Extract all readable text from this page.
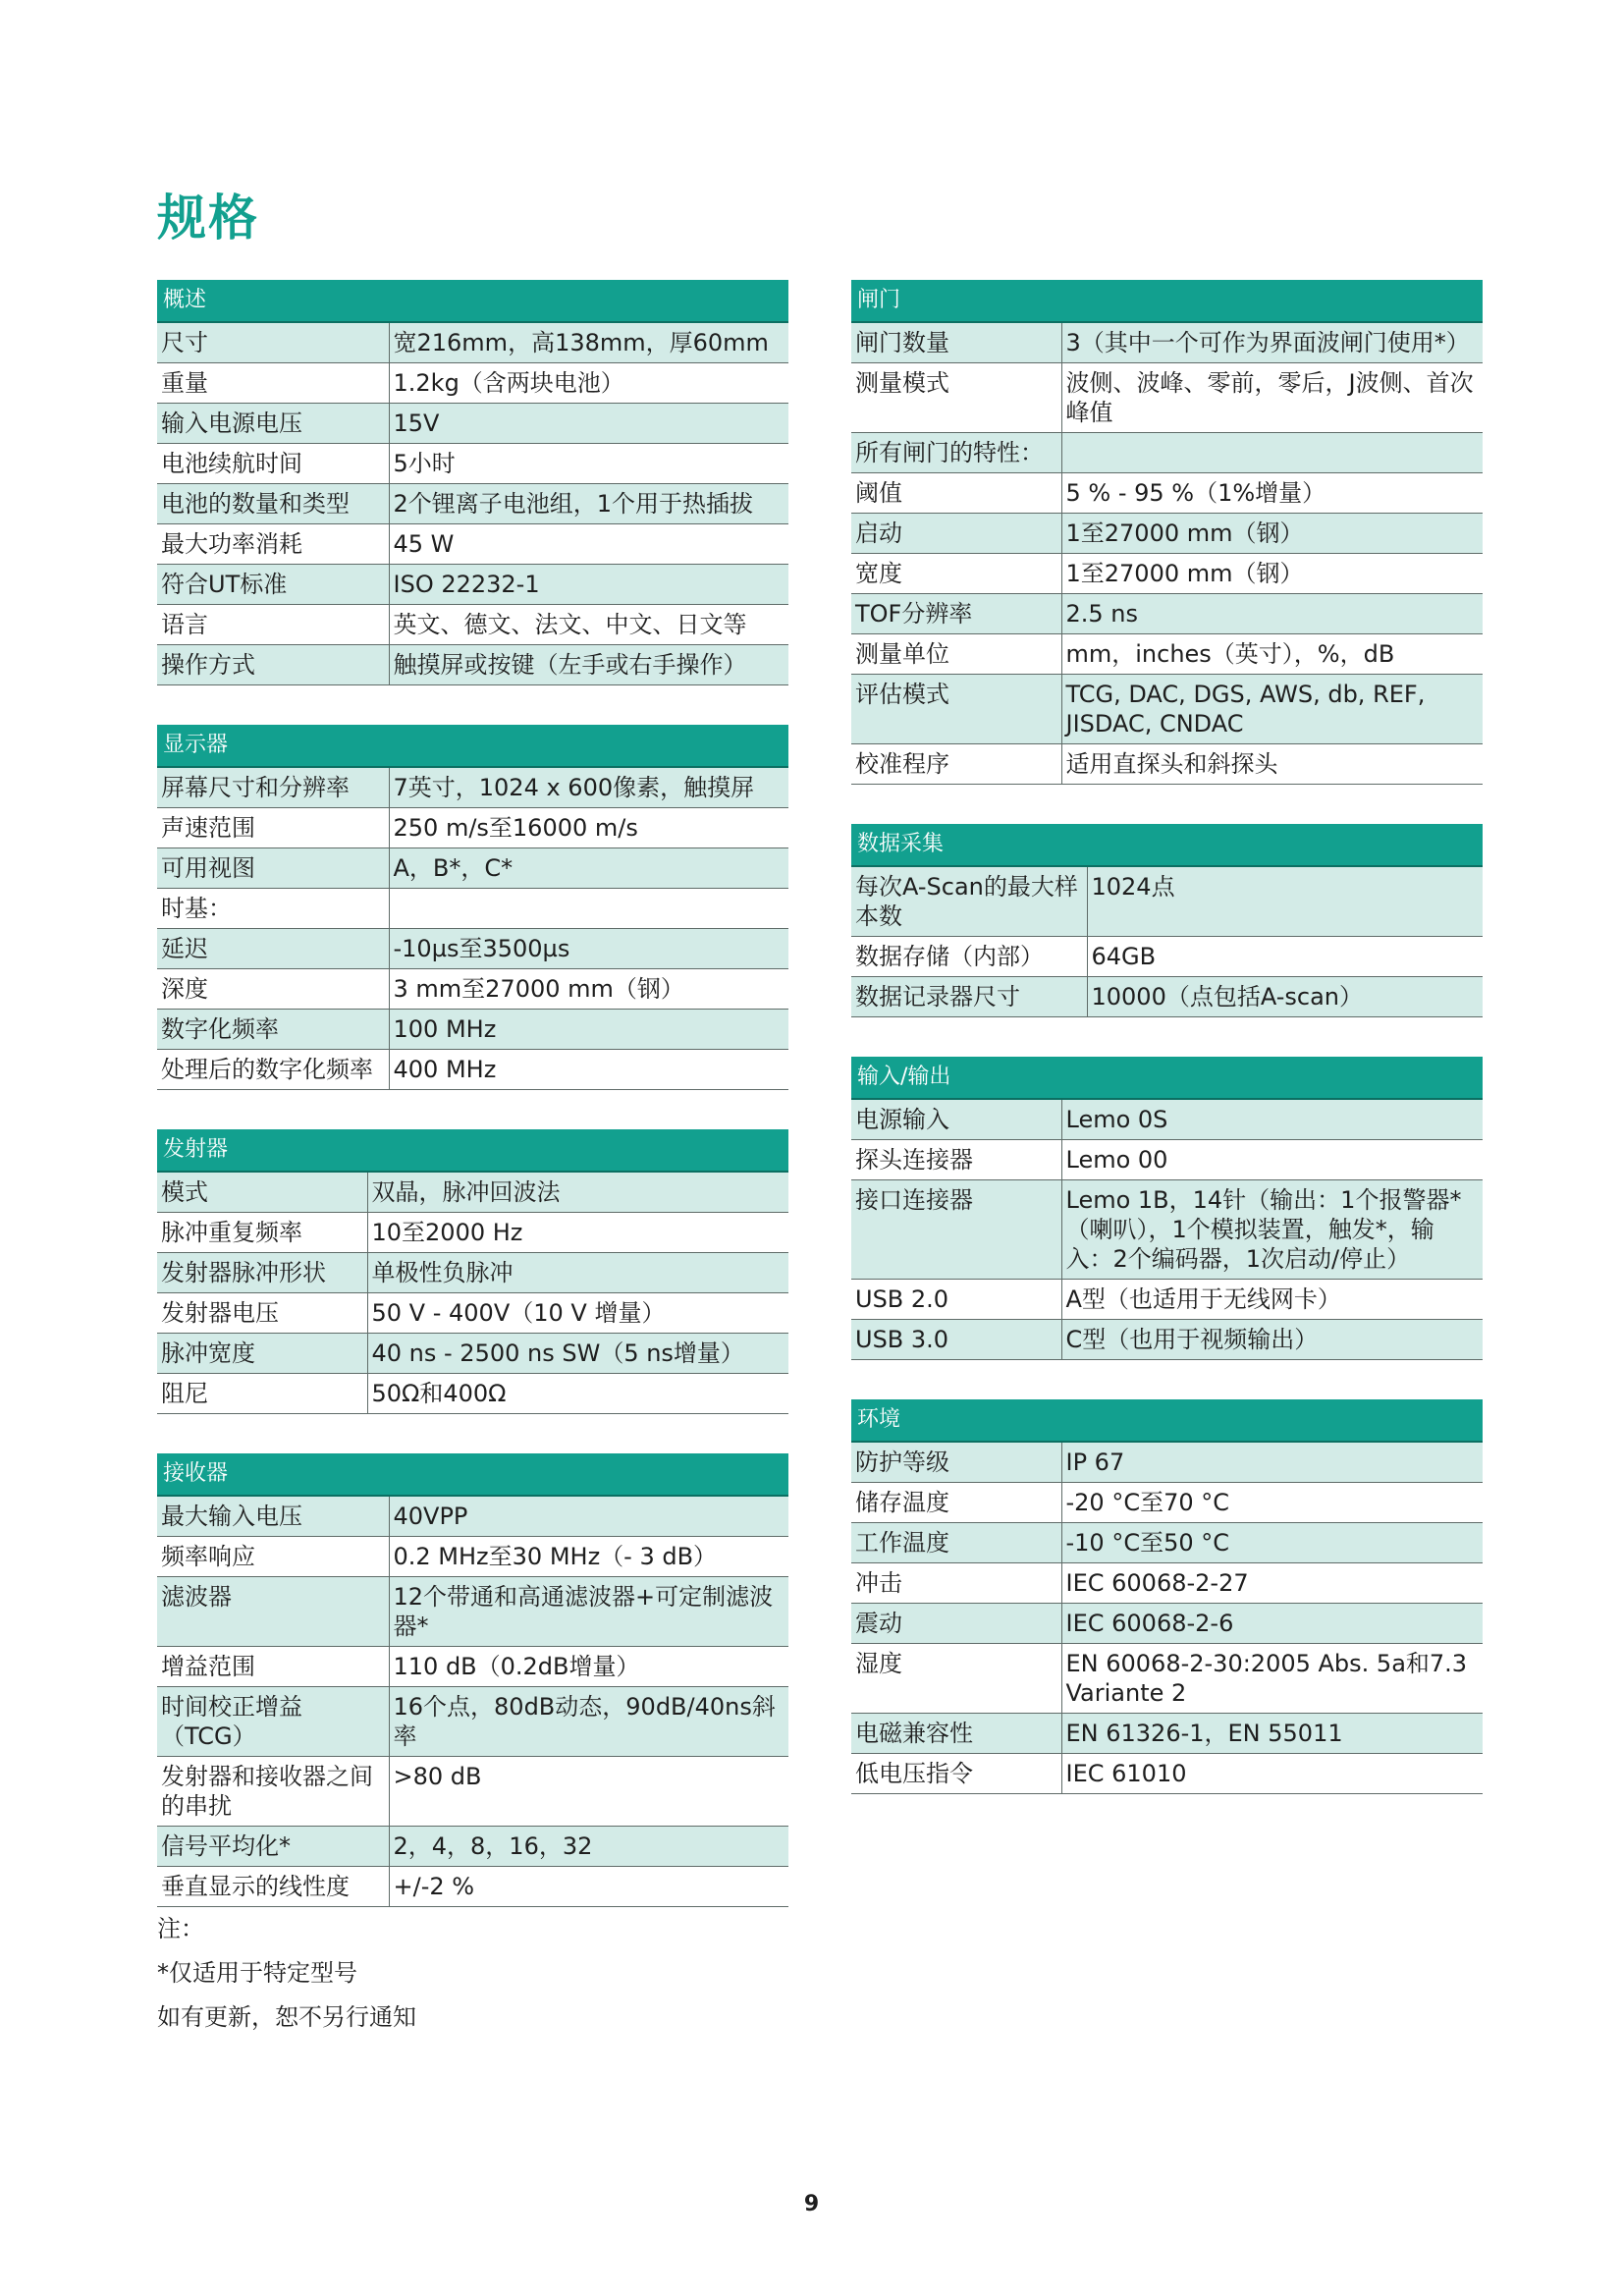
规格
概述	
尺寸	宽216mm，高138mm，厚60mm
重量	1.2kg（含两块电池）
输入电源电压	15V
电池续航时间	5小时
电池的数量和类型	2个锂离子电池组，1个用于热插拔
最大功率消耗	45 W
符合UT标准	ISO 22232-1
语言	英文、德文、法文、中文、日文等
操作方式	触摸屏或按键（左手或右手操作）
显示器	
屏幕尺寸和分辨率	7英寸，1024 x 600像素，触摸屏
声速范围	250 m/s至16000 m/s
可用视图	A，B*，C*
时基：	
延迟	-10µs至3500µs
深度	3 mm至27000 mm（钢）
数字化频率	100 MHz
处理后的数字化频率	400 MHz
发射器	
模式	双晶，脉冲回波法
脉冲重复频率	10至2000 Hz
发射器脉冲形状	单极性负脉冲
发射器电压	50 V - 400V（10 V 增量）
脉冲宽度	40 ns - 2500 ns SW（5 ns增量）
阻尼	50Ω和400Ω
接收器	
最大输入电压	40VPP
频率响应	0.2 MHz至30 MHz（- 3 dB）
滤波器	12个带通和高通滤波器+可定制滤波器*
增益范围	110 dB（0.2dB增量）
时间校正增益（TCG）	16个点，80dB动态，90dB/40ns斜率
发射器和接收器之间的串扰	>80 dB
信号平均化*	2，4，8，16，32
垂直显示的线性度	+/-2 %
闸门	
闸门数量	3（其中一个可作为界面波闸门使用*）
测量模式	波侧、波峰、零前，零后，J波侧、首次峰值
所有闸门的特性：	
阈值	5 % - 95 %（1%增量）
启动	1至27000 mm（钢）
宽度	1至27000 mm（钢）
TOF分辨率	2.5 ns
测量单位	mm，inches（英寸），%，dB
评估模式	TCG, DAC, DGS, AWS, db, REF, JISDAC, CNDAC
校准程序	适用直探头和斜探头
数据采集	
每次A-Scan的最大样本数	1024点
数据存储（内部）	64GB
数据记录器尺寸	10000（点包括A-scan）
输入/输出	
电源输入	Lemo 0S
探头连接器	Lemo 00
接口连接器	Lemo 1B，14针（输出：1个报警器*（喇叭），1个模拟装置，触发*，输入：2个编码器，1次启动/停止）
USB 2.0	A型（也适用于无线网卡）
USB 3.0	C型（也用于视频输出）
环境	
防护等级	IP 67
储存温度	-20 °C至70 °C
工作温度	-10 °C至50 °C
冲击	IEC 60068-2-27
震动	IEC 60068-2-6
湿度	EN 60068-2-30:2005 Abs. 5a和7.3 Variante 2
电磁兼容性	EN 61326-1，EN 55011
低电压指令	IEC 61010
注：
*仅适用于特定型号
如有更新，恕不另行通知
9
